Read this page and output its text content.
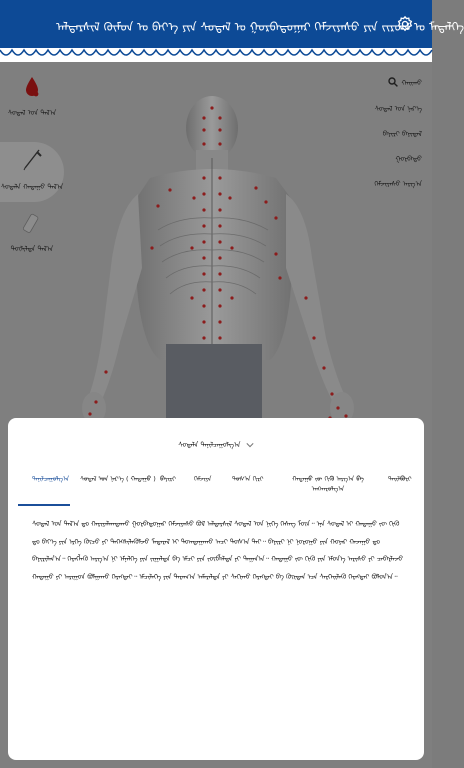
ᠠᠯᠳᠠᠷᠰᠢᠯ ᠬᠦᠮᠦᠨ ᠤ ᠪᠡᠶ᠎ᠡ ᠶᠢᠨ ᠰᠤᠳᠠᠯ ᠤ ᠭᠤᠷᠪᠠᠳᠤᠭᠠᠷ ᠬᠡᠮᠵᠢᠶᠡᠰᠦ ᠶᠢᠨ ᠵᠢᠷᠤᠭ ᠤ ᠮᠡᠳᠡᠯᠭᠡ
ᠰᠤᠳᠠᠯ ᠤᠨ ᠲᠠᠯ᠎ᠠ
ᠰᠤᠳᠠᠯᠨ ᠬᠠᠲᠠᠭᠤ ᠲᠠᠯ᠎ᠠ
ᠲᠦᠯᠢᠯᠲᠡ ᠲᠠᠯ᠎ᠠ
ᠬᠠᠢᠬᠤ
ᠰᠤᠳᠠᠯ ᠤᠨ ᠨᠡᠷ᠎ᠡ
ᠪᠠᠶᠢᠷᠢ ᠪᠠᠶᠢᠳᠠᠯ
ᠭᠤᠷᠪᠠᠳᠤ
ᠬᠡᠮᠵᠢᠶᠡᠰᠦ ᠠᠷᠭ᠎ᠠ
ᠰᠤᠳᠠᠯᠨ ᠲᠠᠨᠢᠯᠴᠠᠭᠤᠯᠭ᠎ᠠ
ᠲᠠᠨᠢᠯᠴᠠᠭᠤᠯᠭ᠎ᠠ ᠰᠤᠳᠠᠯ ᠤᠨ ᠨᠡᠷ᠎ᠡ ( ᠬᠠᠲᠠᠭᠤ ) ᠪᠠᠶᠢᠷᠢ	ᠬᠡᠮᠵᠢᠶᠡ	ᠲᠤᠰ᠎ᠠ ᠬᠢᠷᠢ	ᠬᠠᠲᠠᠭᠤ ᠵᠦ ᠬᠢᠬᠦ ᠠᠷᠭ᠎ᠠ ᠪᠠ ᠠᠩᠬᠠᠷᠤᠯᠭ᠎ᠠ
ᠲᠠᠢᠯᠪᠤᠷᠢ
ᠰᠤᠳᠠᠯ ᠤᠨ ᠲᠠᠯ᠎ᠠ ᠳᠤ ᠬᠠᠷᠢᠶᠠᠯᠠᠭᠳᠠᠬᠤ ᠭᠤᠷᠪᠠᠳᠤᠭᠠᠷ ᠬᠡᠮᠵᠢᠶᠡᠰᠦ ᠪᠤᠯ ᠠᠯᠳᠠᠷᠰᠢᠯ ᠰᠤᠳᠠᠯ ᠤᠨ ᠨᠢᠭᠡ ᠬᠡᠰᠡᠭ ᠮᠥᠨ᠃ ᠡᠨᠡ ᠰᠤᠳᠠᠯ ᠢ ᠬᠠᠲᠠᠭᠤ ᠵᠦ ᠬᠢᠬᠦ ᠳᠤ ᠪᠡᠶ᠎ᠡ ᠶᠢᠨ ᠡᠷᠭᠡ ᠬᠦᠴᠦ ᠶᠢ ᠳᠡᠭᠡᠭᠰᠢᠯᠡᠭᠦᠯᠵᠦ ᠮᠡᠳᠡᠷᠡᠯ ᠢ ᠲᠣᠭᠲᠠᠭᠠᠬᠤ ᠠᠴᠢ ᠲᠤᠰ᠎ᠠ ᠲᠠᠢ᠃ ᠪᠠᠶᠢᠷᠢ ᠨᠢ ᠨᠤᠷᠤᠭᠤ ᠶᠢᠨ ᠬᠣᠶᠠᠷ ᠬᠠᠵᠠᠭᠤ ᠳᠤ ᠪᠠᠶᠢᠷᠢᠯᠠᠨ᠎ᠠ᠃ ᠬᠡᠷᠡᠭᠯᠡᠬᠦ ᠠᠷᠭ᠎ᠠ ᠨᠢ ᠡᠮᠨᠡᠯᠭᠡ ᠶᠢᠨ ᠵᠢᠭᠠᠯᠲᠠ ᠪᠠ ᠡᠮᠴᠢ ᠶᠢᠨ ᠵᠦᠪᠯᠡᠯᠲᠡ ᠶᠢ ᠳᠠᠭᠠᠨ᠎ᠠ᠃ ᠬᠠᠲᠠᠭᠤ ᠵᠦ ᠬᠢᠬᠦ ᠶᠢᠨ ᠡᠮᠦᠨ᠎ᠡ ᠠᠷᠢᠰᠤ ᠶᠢ ᠴᠡᠪᠡᠷᠯᠡᠵᠦ ᠬᠠᠲᠠᠭᠤ ᠶᠢ ᠠᠷᠢᠭᠤᠨ ᠪᠤᠯᠭᠠᠬᠤ ᠬᠡᠷᠡᠭᠲᠡᠢ᠃ ᠡᠮᠴᠢᠯᠡᠭᠡ ᠶᠢᠨ ᠳᠠᠷᠠᠭ᠎ᠠ ᠠᠮᠠᠷᠠᠯᠲᠠ ᠶᠢ ᠰᠠᠬᠢᠬᠤ ᠬᠡᠷᠡᠭᠲᠡᠢ ᠪᠠ ᠬᠦᠢᠲᠡᠨ ᠡᠴᠡ ᠰᠡᠷᠭᠡᠢᠯᠡᠬᠦ ᠬᠡᠷᠡᠭᠲᠡᠢ ᠪᠤᠯᠤᠨ᠎ᠠ᠃
